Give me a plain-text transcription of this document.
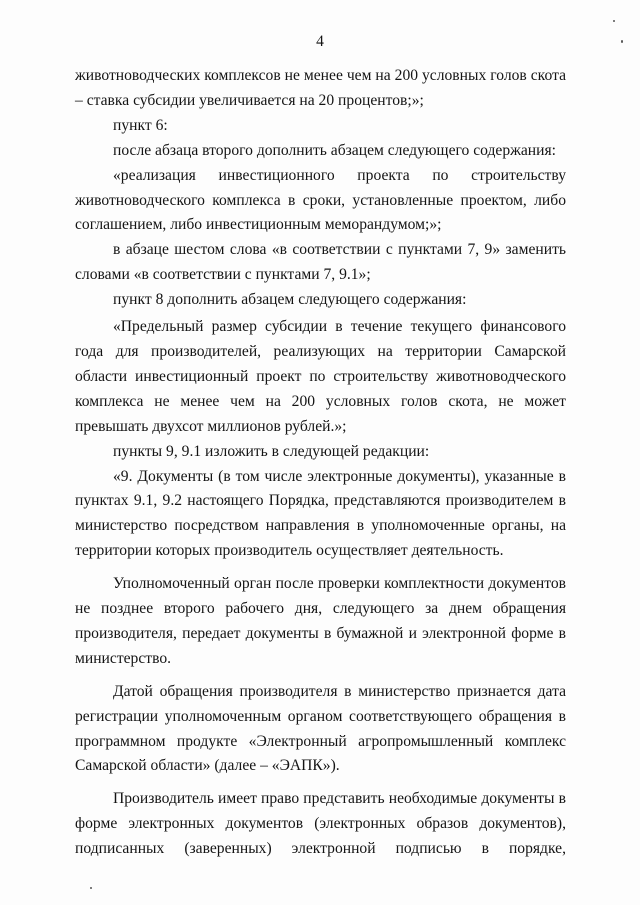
4

животноводческих комплексов не менее чем на 200 условных голов скота – ставка субсидии увеличивается на 20 процентов;»;

пункт 6:

после абзаца второго дополнить абзацем следующего содержания:

«реализация инвестиционного проекта по строительству животноводческого комплекса в сроки, установленные проектом, либо соглашением, либо инвестиционным меморандумом;»;

в абзаце шестом слова «в соответствии с пунктами 7, 9» заменить словами «в соответствии с пунктами 7, 9.1»;

пункт 8 дополнить абзацем следующего содержания:

«Предельный размер субсидии в течение текущего финансового года для производителей, реализующих на территории Самарской области инвестиционный проект по строительству животноводческого комплекса не менее чем на 200 условных голов скота, не может превышать двухсот миллионов рублей.»;

пункты 9, 9.1 изложить в следующей редакции:

«9. Документы (в том числе электронные документы), указанные в пунктах 9.1, 9.2 настоящего Порядка, представляются производителем в министерство посредством направления в уполномоченные органы, на территории которых производитель осуществляет деятельность.

Уполномоченный орган после проверки комплектности документов не позднее второго рабочего дня, следующего за днем обращения производителя, передает документы в бумажной и электронной форме в министерство.

Датой обращения производителя в министерство признается дата регистрации уполномоченным органом соответствующего обращения в программном продукте «Электронный агропромышленный комплекс Самарской области» (далее – «ЭАПК»).

Производитель имеет право представить необходимые документы в форме электронных документов (электронных образов документов), подписанных (заверенных) электронной подписью в порядке,
